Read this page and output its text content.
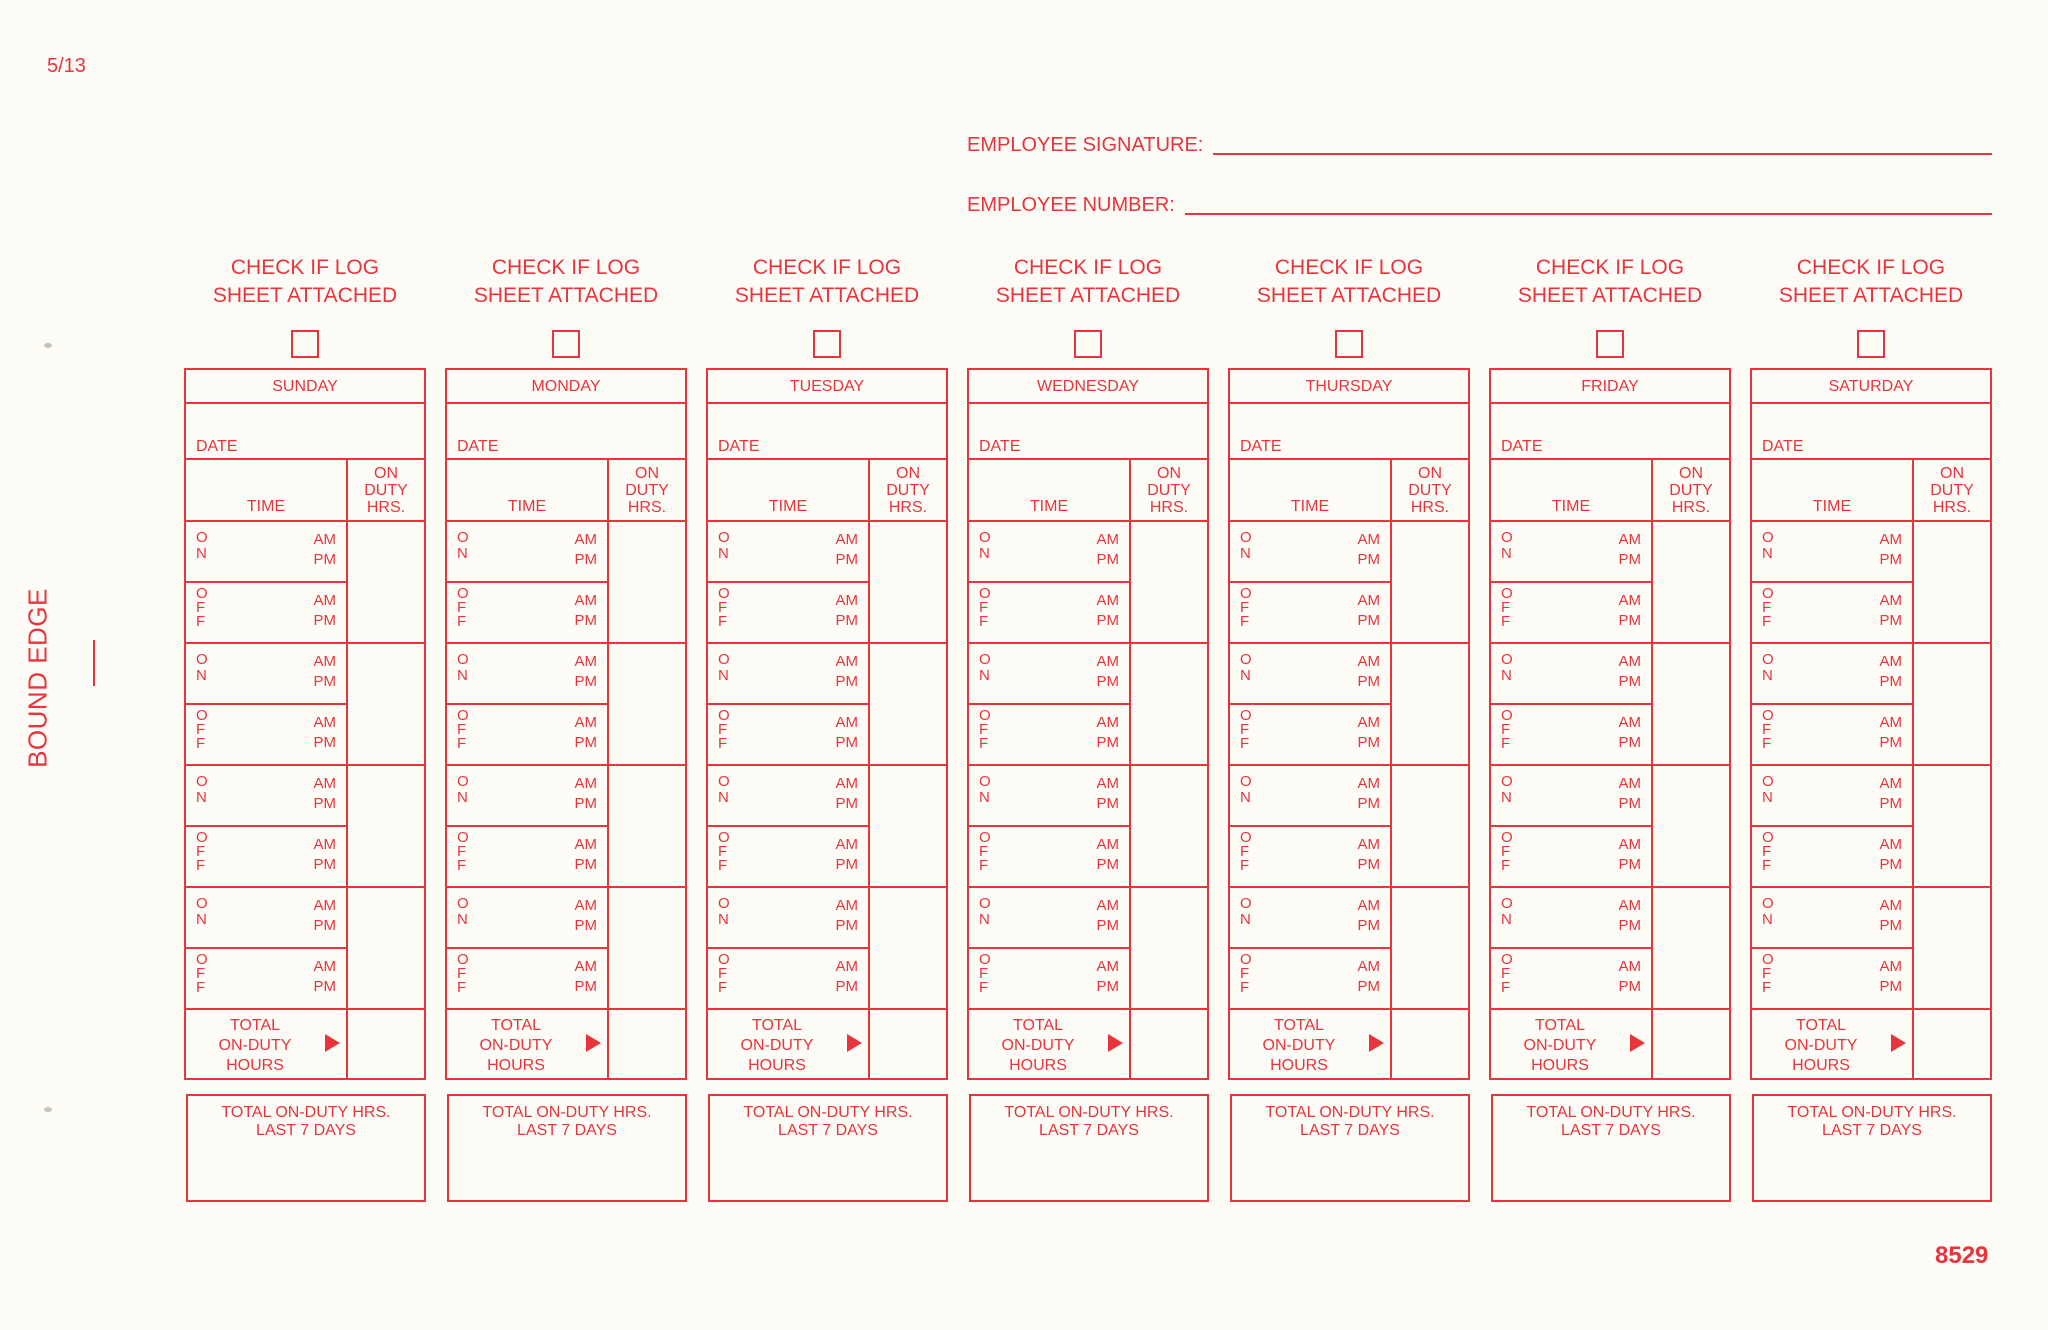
5/13
BOUND EDGE
EMPLOYEE SIGNATURE:
EMPLOYEE NUMBER:
CHECK IF LOG
SHEET ATTACHED
SUNDAY
DATE
TIME
ON
DUTY
HRS.
O
N
AM
PM
O
F
F
AM
PM
O
N
AM
PM
O
F
F
AM
PM
O
N
AM
PM
O
F
F
AM
PM
O
N
AM
PM
O
F
F
AM
PM
TOTAL
ON-DUTY
HOURS
TOTAL ON-DUTY HRS.
LAST 7 DAYS
CHECK IF LOG
SHEET ATTACHED
MONDAY
DATE
TIME
ON
DUTY
HRS.
O
N
AM
PM
O
F
F
AM
PM
O
N
AM
PM
O
F
F
AM
PM
O
N
AM
PM
O
F
F
AM
PM
O
N
AM
PM
O
F
F
AM
PM
TOTAL
ON-DUTY
HOURS
TOTAL ON-DUTY HRS.
LAST 7 DAYS
CHECK IF LOG
SHEET ATTACHED
TUESDAY
DATE
TIME
ON
DUTY
HRS.
O
N
AM
PM
O
F
F
AM
PM
O
N
AM
PM
O
F
F
AM
PM
O
N
AM
PM
O
F
F
AM
PM
O
N
AM
PM
O
F
F
AM
PM
TOTAL
ON-DUTY
HOURS
TOTAL ON-DUTY HRS.
LAST 7 DAYS
CHECK IF LOG
SHEET ATTACHED
WEDNESDAY
DATE
TIME
ON
DUTY
HRS.
O
N
AM
PM
O
F
F
AM
PM
O
N
AM
PM
O
F
F
AM
PM
O
N
AM
PM
O
F
F
AM
PM
O
N
AM
PM
O
F
F
AM
PM
TOTAL
ON-DUTY
HOURS
TOTAL ON-DUTY HRS.
LAST 7 DAYS
CHECK IF LOG
SHEET ATTACHED
THURSDAY
DATE
TIME
ON
DUTY
HRS.
O
N
AM
PM
O
F
F
AM
PM
O
N
AM
PM
O
F
F
AM
PM
O
N
AM
PM
O
F
F
AM
PM
O
N
AM
PM
O
F
F
AM
PM
TOTAL
ON-DUTY
HOURS
TOTAL ON-DUTY HRS.
LAST 7 DAYS
CHECK IF LOG
SHEET ATTACHED
FRIDAY
DATE
TIME
ON
DUTY
HRS.
O
N
AM
PM
O
F
F
AM
PM
O
N
AM
PM
O
F
F
AM
PM
O
N
AM
PM
O
F
F
AM
PM
O
N
AM
PM
O
F
F
AM
PM
TOTAL
ON-DUTY
HOURS
TOTAL ON-DUTY HRS.
LAST 7 DAYS
CHECK IF LOG
SHEET ATTACHED
SATURDAY
DATE
TIME
ON
DUTY
HRS.
O
N
AM
PM
O
F
F
AM
PM
O
N
AM
PM
O
F
F
AM
PM
O
N
AM
PM
O
F
F
AM
PM
O
N
AM
PM
O
F
F
AM
PM
TOTAL
ON-DUTY
HOURS
TOTAL ON-DUTY HRS.
LAST 7 DAYS
8529
